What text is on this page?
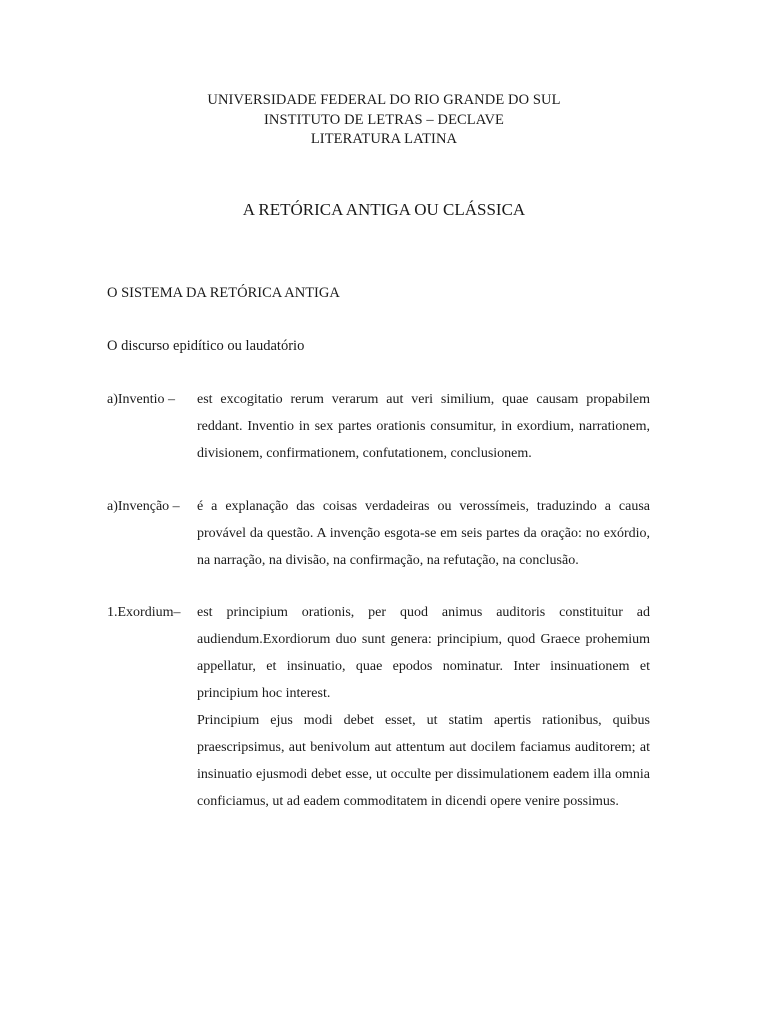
UNIVERSIDADE FEDERAL DO RIO GRANDE DO SUL
INSTITUTO DE LETRAS – DECLAVE
LITERATURA LATINA
A RETÓRICA ANTIGA OU CLÁSSICA
O SISTEMA DA RETÓRICA ANTIGA
O discurso epidítico ou laudatório
a)Inventio – est excogitatio rerum verarum aut veri similium, quae causam propabilem reddant. Inventio in sex partes orationis consumitur, in exordium, narrationem, divisionem, confirmationem, confutationem, conclusionem.

a)Invenção – é a explanação das coisas verdadeiras ou verossímeis, traduzindo a causa provável da questão. A invenção esgota-se em seis partes da oração: no exórdio, na narração, na divisão, na confirmação, na refutação, na conclusão.

1.Exordium– est principium orationis, per quod animus auditoris constituitur ad audiendum.Exordiorum duo sunt genera: principium, quod Graece prohemium appellatur, et insinuatio, quae epodos nominatur. Inter insinuationem et principium hoc interest.

Principium ejus modi debet esset, ut statim apertis rationibus, quibus praescripsimus, aut benivolum aut attentum aut docilem faciamus auditorem; at insinuatio ejusmodi debet esse, ut occulte per dissimulationem eadem illa omnia conficiamus, ut ad eadem commoditatem in dicendi opere venire possimus.
